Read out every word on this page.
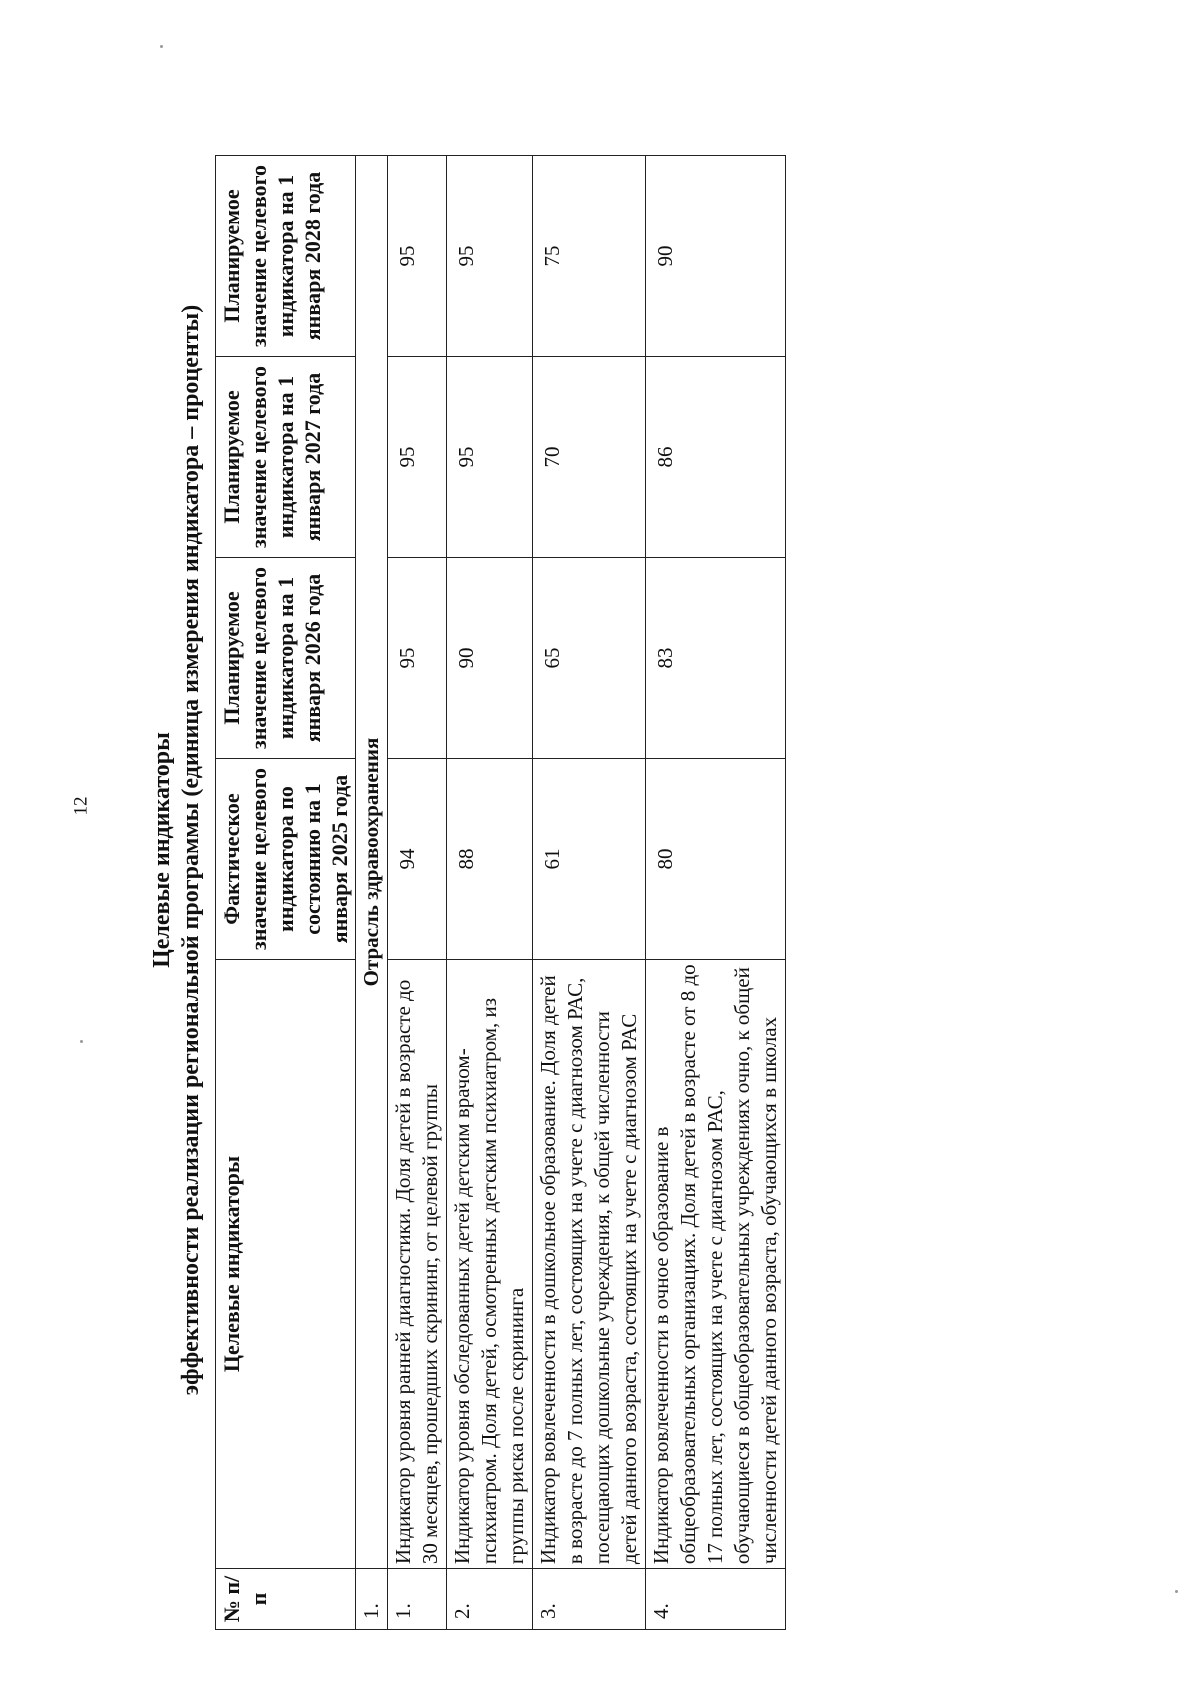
12 Целевые индикаторы эффективности реализации региональной программы (единица измерения индикатора – проценты)
№ п/п	Целевые индикаторы	Фактическое значение целевого индикатора по состоянию на 1 января 2025 года	Планируемое значение целевого индикатора на 1 января 2026 года	Планируемое значение целевого индикатора на 1 января 2027 года	Планируемое значение целевого индикатора на 1 января 2028 года
1.	Отрасль здравоохранения				
1.	Индикатор уровня ранней диагностики. Доля детей в возрасте до 30 месяцев, прошедших скрининг, от целевой группы	94	95	95	95
2.	Индикатор уровня обследованных детей детским врачом-психиатром. Доля детей, осмотренных детским психиатром, из группы риска после скрининга	88	90	95	95
3.	Индикатор вовлеченности в дошкольное образование. Доля детей в возрасте до 7 полных лет, состоящих на учете с диагнозом РАС, посещающих дошкольные учреждения, к общей численности детей данного возраста, состоящих на учете с диагнозом РАС	61	65	70	75
4.	Индикатор вовлеченности в очное образование в общеобразовательных организациях. Доля детей в возрасте от 8 до 17 полных лет, состоящих на учете с диагнозом РАС, обучающиеся в общеобразовательных учреждениях очно, к общей численности детей данного возраста, обучающихся в школах	80	83	86	90
